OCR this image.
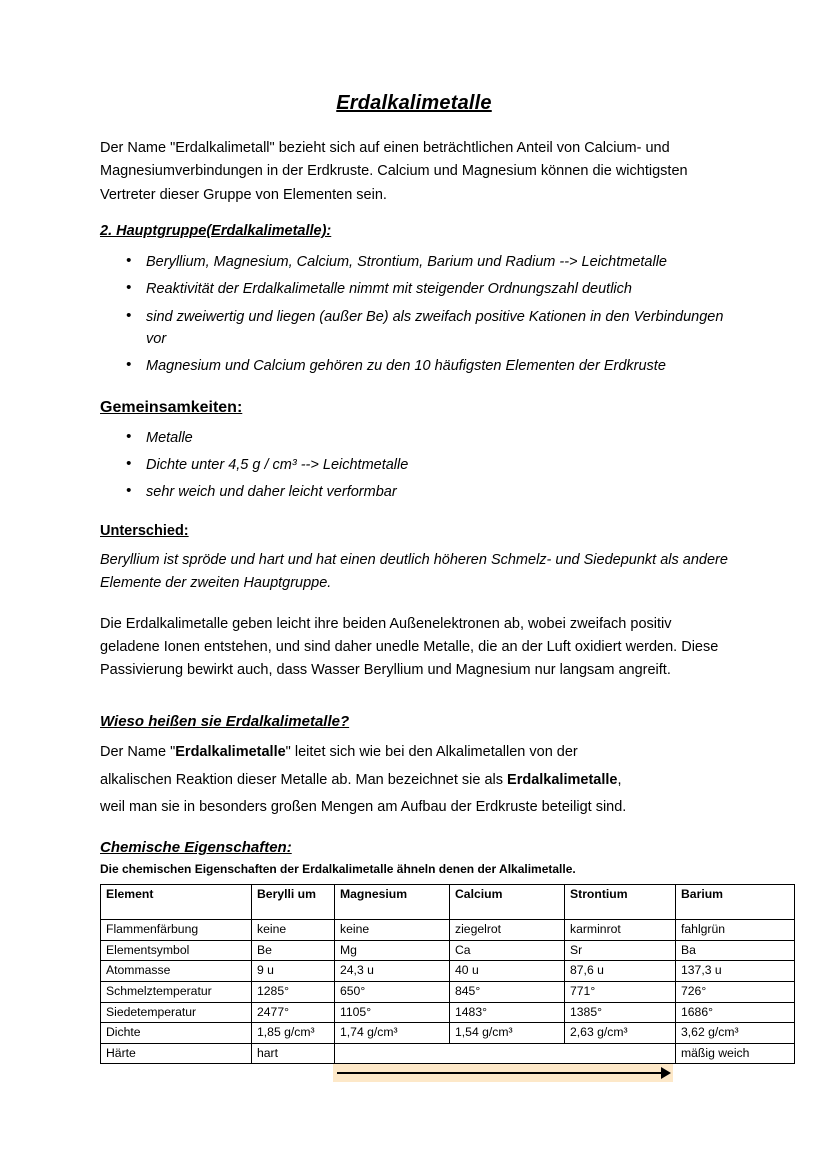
Erdalkalimetalle

Der Name "Erdalkalimetall" bezieht sich auf einen beträchtlichen Anteil von Calcium- und Magnesiumverbindungen in der Erdkruste. Calcium und Magnesium können die wichtigsten Vertreter dieser Gruppe von Elementen sein.

2. Hauptgruppe(Erdalkalimetalle):
• Beryllium, Magnesium, Calcium, Strontium, Barium und Radium --> Leichtmetalle
• Reaktivität der Erdalkalimetalle nimmt mit steigender Ordnungszahl deutlich
• sind zweiwertig und liegen (außer Be) als zweifach positive Kationen in den Verbindungen vor
• Magnesium und Calcium gehören zu den 10 häufigsten Elementen der Erdkruste
Gemeinsamkeiten:
• Metalle
• Dichte unter 4,5 g / cm³ --> Leichtmetalle
• sehr weich und daher leicht verformbar
Unterschied:

Beryllium ist spröde und hart und hat einen deutlich höheren Schmelz- und Siedepunkt als andere Elemente der zweiten Hauptgruppe.

Die Erdalkalimetalle geben leicht ihre beiden Außenelektronen ab, wobei zweifach positiv geladene Ionen entstehen, und sind daher unedle Metalle, die an der Luft oxidiert werden. Diese Passivierung bewirkt auch, dass Wasser Beryllium und Magnesium nur langsam angreift.

Wieso heißen sie Erdalkalimetalle?

Der Name "Erdalkalimetalle" leitet sich wie bei den Alkalimetallen von der

alkalischen Reaktion dieser Metalle ab. Man bezeichnet sie als Erdalkalimetalle,

weil man sie in besonders großen Mengen am Aufbau der Erdkruste beteiligt sind.

Chemische Eigenschaften:
Die chemischen Eigenschaften der Erdalkalimetalle ähneln denen der Alkalimetalle.
Element	Berylli um	Magnesium	Calcium	Strontium	Barium
Flammenfärbung	keine	keine	ziegelrot	karminrot	fahlgrün
Elementsymbol	Be	Mg	Ca	Sr	Ba
Atommasse	9 u	24,3 u	40 u	87,6 u	137,3 u
Schmelztemperatur	1285°	650°	845°	771°	726°
Siedetemperatur	2477°	1105°	1483°	1385°	1686°
Dichte	1,85 g/cm³	1,74 g/cm³	1,54 g/cm³	2,63 g/cm³	3,62 g/cm³
Härte	hart				mäßig weich
